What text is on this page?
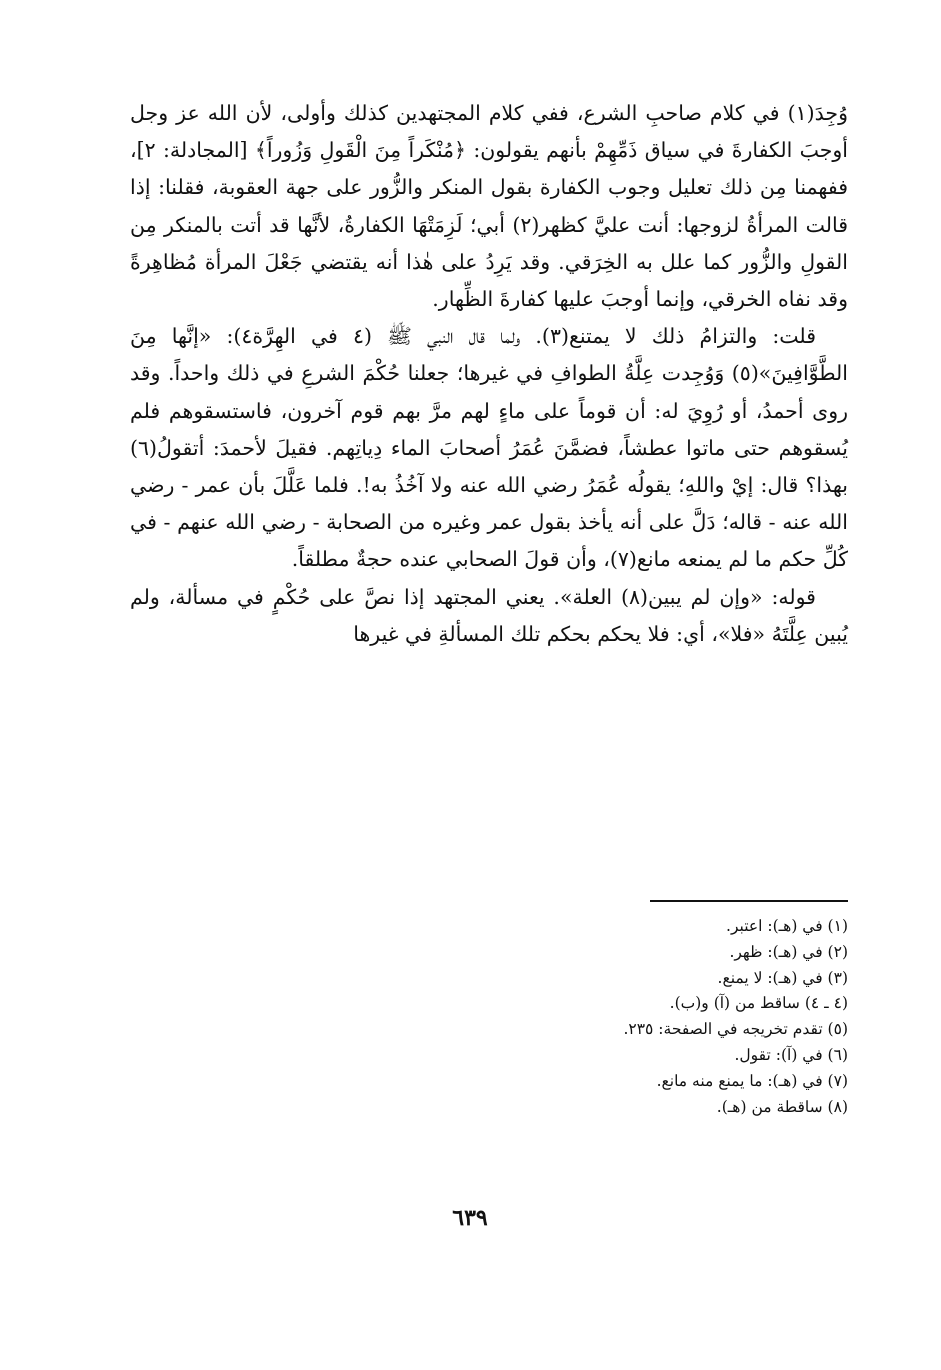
وُجِدَ(١) في كلام صاحبِ الشرع، ففي كلام المجتهدين كذلك وأولى، لأن الله عز وجل أوجبَ الكفارةَ في سياق ذَمِّهِمْ بأنهم يقولون: ﴿مُنْكَراً مِنَ الْقَولِ وَزُوراً﴾ [المجادلة: ٢]، ففهمنا مِن ذلك تعليل وجوب الكفارة بقول المنكر والزُّور على جهة العقوبة، فقلنا: إذا قالت المرأةُ لزوجها: أنت عليَّ كظهر(٢) أبي؛ لَزِمَتْهَا الكفارةُ، لأنَّها قد أتت بالمنكر مِن القولِ والزُّور كما علل به الخِرَقي. وقد يَرِدُ على هٰذا أنه يقتضي جَعْلَ المرأة مُظاهِرةً وقد نفاه الخرقي، وإنما أوجبَ عليها كفارةَ الظِّهار.

قلت: والتزامُ ذلك لا يمتنع(٣). ولما قال النبي ﷺ (٤ في الهِرَّة٤): «إنَّها مِنَ الطَّوَّافِينَ»(٥) وَوُجِدت عِلَّةُ الطوافِ في غيرها؛ جعلنا حُكْمَ الشرعِ في ذلك واحداً. وقد روى أحمدُ، أو رُوِيَ له: أن قوماً على ماءٍ لهم مرَّ بهم قوم آخرون، فاستسقوهم فلم يُسقوهم حتى ماتوا عطشاً، فضمَّنَ عُمَرُ أصحابَ الماء دِياتِهم. فقيلَ لأحمدَ: أتقولُ(٦) بهذا؟ قال: إيْ واللهِ؛ يقولُه عُمَرُ رضي الله عنه ولا آخُذُ به!. فلما عَلَّلَ بأن عمر - رضي الله عنه - قاله؛ دَلَّ على أنه يأخذ بقول عمر وغيره من الصحابة - رضي الله عنهم - في كُلِّ حكم ما لم يمنعه مانع(٧)، وأن قولَ الصحابي عنده حجةٌ مطلقاً.

قوله: «وإن لم يبين(٨) العلة». يعني المجتهد إذا نصَّ على حُكْمٍ في مسألة، ولم يُبين عِلَّتَهُ «فلا»، أي: فلا يحكم بحكم تلك المسألةِ في غيرها

(١) في (هـ): اعتبر.
(٢) في (هـ): ظهر.
(٣) في (هـ): لا يمنع.
(٤ ـ ٤) ساقط من (آ) و(ب).
(٥) تقدم تخريجه في الصفحة: ٢٣٥.
(٦) في (آ): تقول.
(٧) في (هـ): ما يمنع منه مانع.
(٨) ساقطة من (هـ).
٦٣٩
